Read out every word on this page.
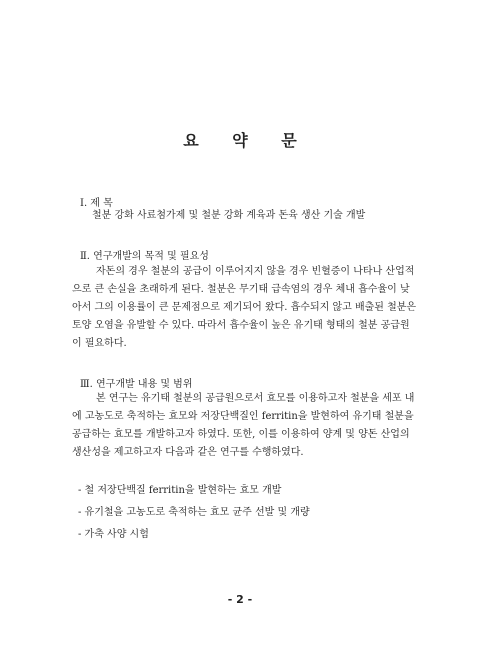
요 약 문
Ⅰ. 제 목
철분 강화 사료첨가제 및 철분 강화 계육과 돈육 생산 기술 개발
Ⅱ. 연구개발의 목적 및 필요성
자돈의 경우 철분의 공급이 이루어지지 않을 경우 빈혈증이 나타나 산업적
으로 큰 손실을 초래하게 된다. 철분은 무기태 급속염의 경우 체내 흡수율이 낮
아서 그의 이용률이 큰 문제점으로 제기되어 왔다. 흡수되지 않고 배출된 철분은
토양 오염을 유발할 수 있다. 따라서 흡수율이 높은 유기태 형태의 철분 공급원
이 필요하다.
Ⅲ. 연구개발 내용 및 범위
본 연구는 유기태 철분의 공급원으로서 효모를 이용하고자 철분을 세포 내
에 고농도로 축적하는 효모와 저장단백질인 ferritin을 발현하여 유기태 철분을
공급하는 효모를 개발하고자 하였다. 또한, 이를 이용하여 양계 및 양돈 산업의
생산성을 제고하고자 다음과 같은 연구를 수행하였다.
- 철 저장단백질 ferritin을 발현하는 효모 개발
- 유기철을 고농도로 축적하는 효모 균주 선발 및 개량
- 가축 사양 시험
- 2 -
